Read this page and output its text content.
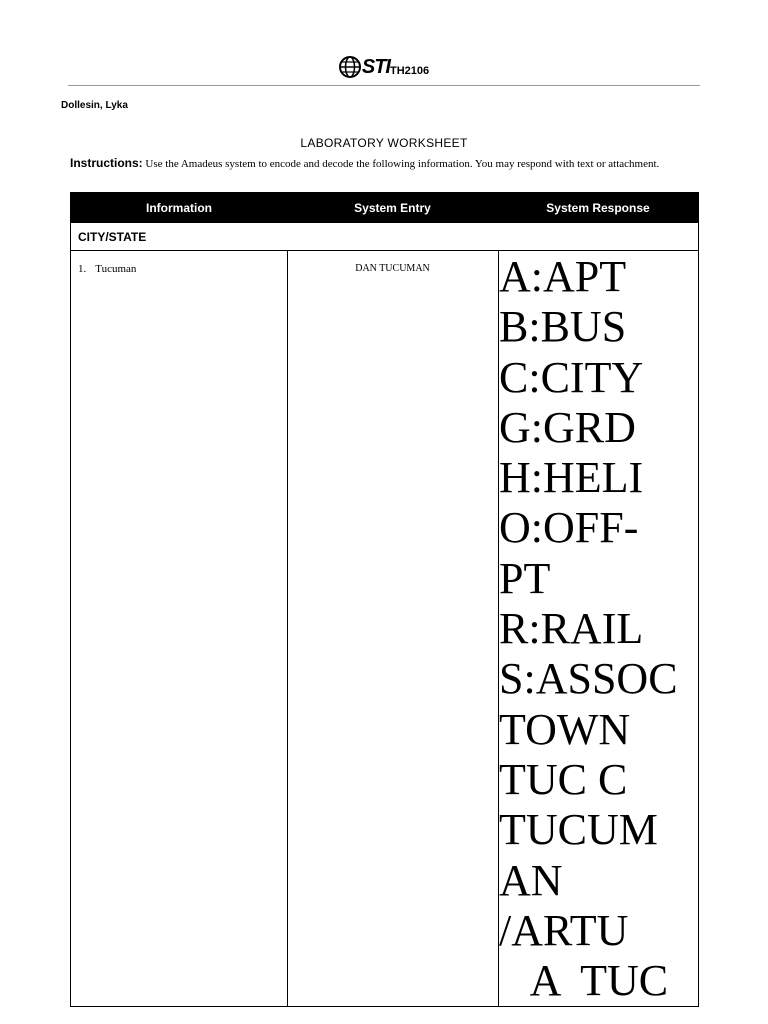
STI TH2106
Dollesin, Lyka
LABORATORY WORKSHEET
Instructions: Use the Amadeus system to encode and decode the following information. You may respond with text or attachment.
Information	System Entry	System Response
CITY/STATE
1. Tucuman	DAN TUCUMAN	A:APT
B:BUS
C:CITY
G:GRD
H:HELI
O:OFF-
PT
R:RAIL
S:ASSOC
TOWN
TUC C
TUCUM
AN
/ARTU
A  TUC
